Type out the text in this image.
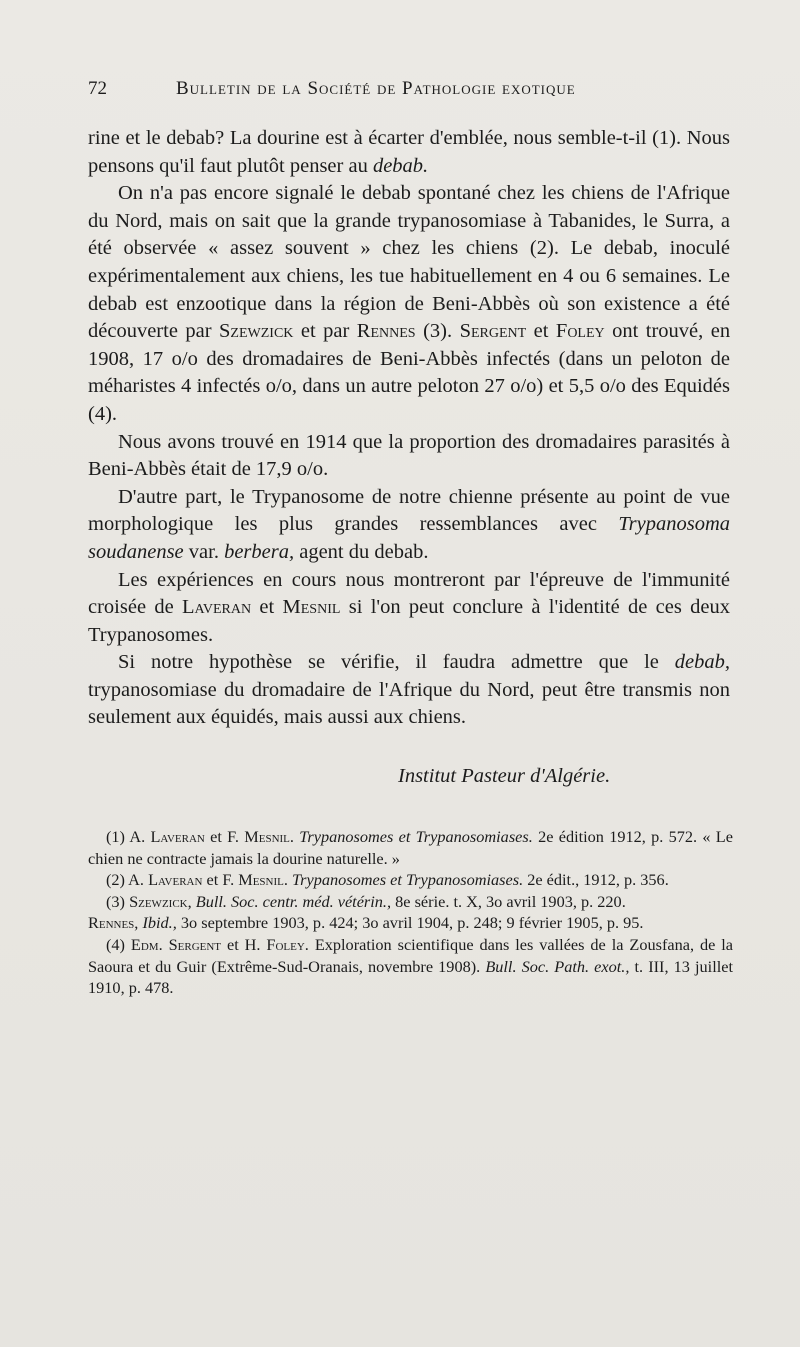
72	Bulletin de la Société de Pathologie exotique

rine et le debab? La dourine est à écarter d'emblée, nous semble-t-il (1). Nous pensons qu'il faut plutôt penser au debab.

On n'a pas encore signalé le debab spontané chez les chiens de l'Afrique du Nord, mais on sait que la grande trypanosomiase à Tabanides, le Surra, a été observée « assez souvent » chez les chiens (2). Le debab, inoculé expérimentalement aux chiens, les tue habituellement en 4 ou 6 semaines. Le debab est enzootique dans la région de Beni-Abbès où son existence a été découverte par Szewzick et par Rennes (3). Sergent et Foley ont trouvé, en 1908, 17 o/o des dromadaires de Beni-Abbès infectés (dans un peloton de méharistes 4 infectés o/o, dans un autre peloton 27 o/o) et 5,5 o/o des Equidés (4).

Nous avons trouvé en 1914 que la proportion des dromadaires parasités à Beni-Abbès était de 17,9 o/o.

D'autre part, le Trypanosome de notre chienne présente au point de vue morphologique les plus grandes ressemblances avec Trypanosoma soudanense var. berbera, agent du debab.

Les expériences en cours nous montreront par l'épreuve de l'immunité croisée de Laveran et Mesnil si l'on peut conclure à l'identité de ces deux Trypanosomes.

Si notre hypothèse se vérifie, il faudra admettre que le debab, trypanosomiase du dromadaire de l'Afrique du Nord, peut être transmis non seulement aux équidés, mais aussi aux chiens.

Institut Pasteur d'Algérie.

(1) A. Laveran et F. Mesnil. Trypanosomes et Trypanosomiases. 2e édition 1912, p. 572. « Le chien ne contracte jamais la dourine naturelle. »

(2) A. Laveran et F. Mesnil. Trypanosomes et Trypanosomiases. 2e édit., 1912, p. 356.

(3) Szewzick, Bull. Soc. centr. méd. vétérin., 8e série. t. X, 3o avril 1903, p. 220.

Rennes, Ibid., 3o septembre 1903, p. 424; 3o avril 1904, p. 248; 9 février 1905, p. 95.

(4) Edm. Sergent et H. Foley. Exploration scientifique dans les vallées de la Zousfana, de la Saoura et du Guir (Extrême-Sud-Oranais, novembre 1908). Bull. Soc. Path. exot., t. III, 13 juillet 1910, p. 478.
